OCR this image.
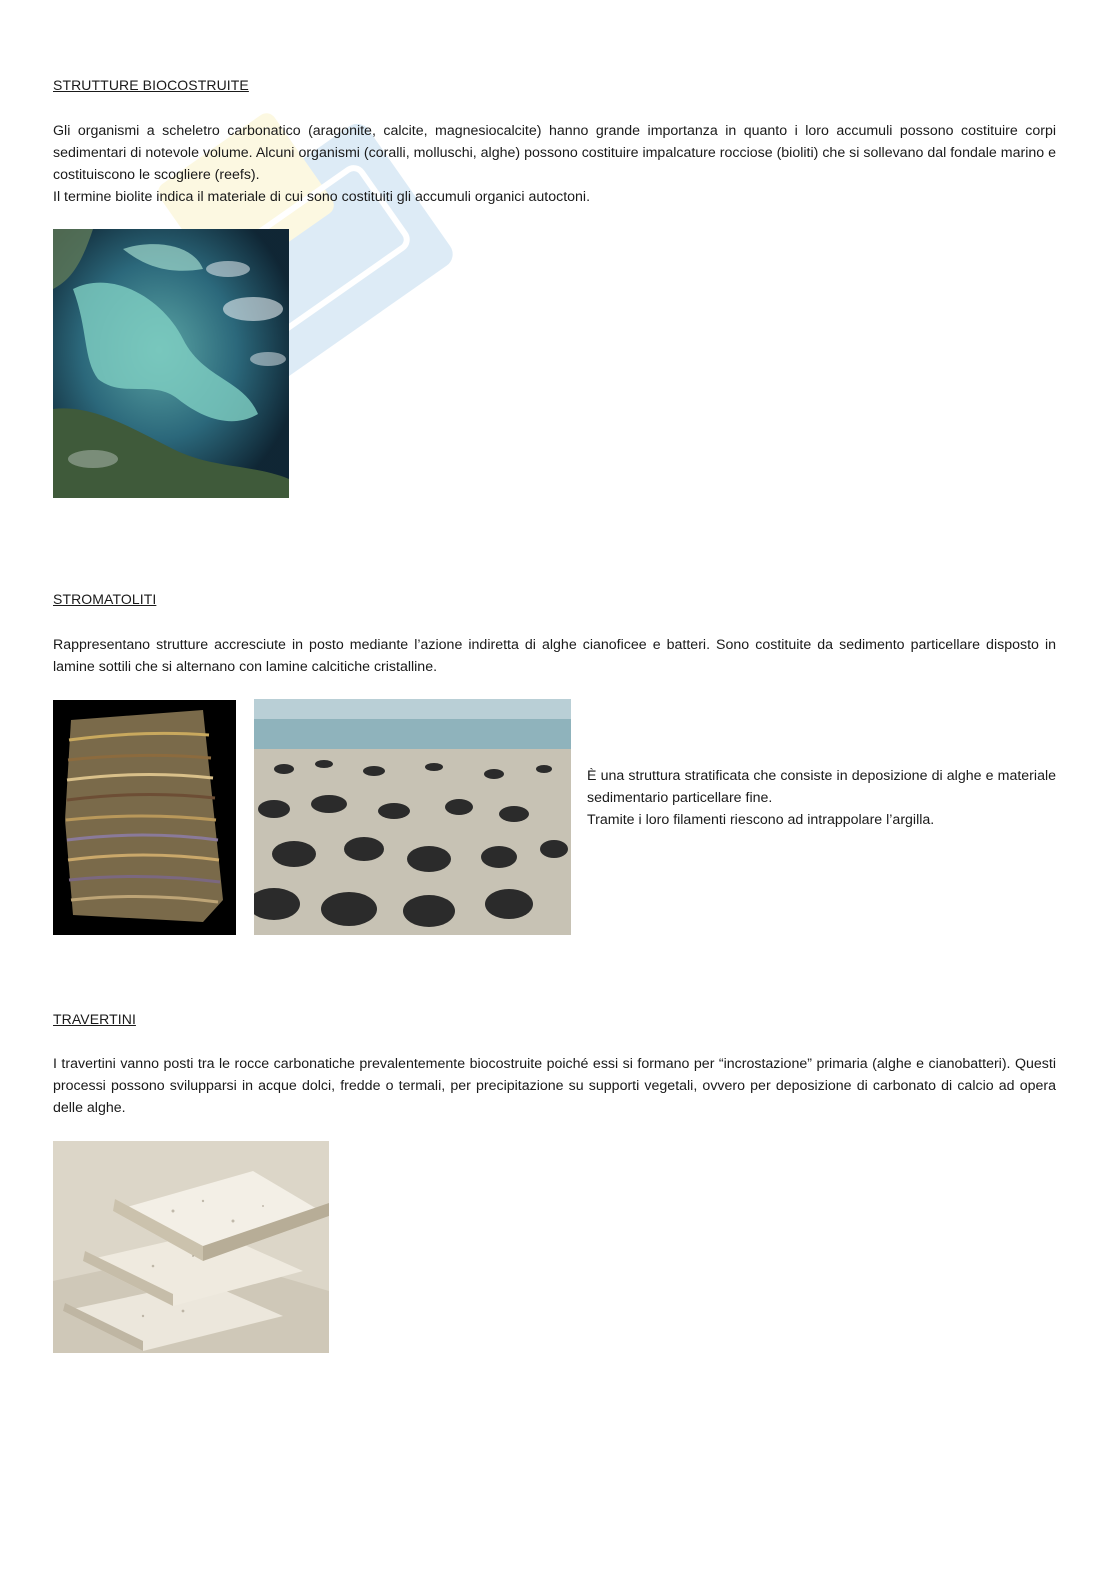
STRUTTURE BIOCOSTRUITE

Gli organismi a scheletro carbonatico (aragonite, calcite, magnesiocalcite) hanno grande importanza in quanto i loro accumuli possono costituire corpi sedimentari di notevole volume. Alcuni organismi (coralli, molluschi, alghe) possono costituire impalcature rocciose (bioliti) che si sollevano dal fondale marino e costituiscono le scogliere (reefs).

Il termine biolite indica il materiale di cui sono costituiti gli accumuli organici autoctoni.

STROMATOLITI
Rappresentano strutture accresciute in posto mediante l’azione indiretta di alghe cianoficee e batteri. Sono costituite da sedimento particellare disposto in lamine sottili che si alternano con lamine calcitiche cristalline.

È una struttura stratificata che consiste in deposizione di alghe e materiale sedimentario particellare fine.

Tramite i loro filamenti riescono ad intrappolare l’argilla.

TRAVERTINI
I travertini vanno posti tra le rocce carbonatiche prevalentemente biocostruite poiché essi si formano per “incrostazione” primaria (alghe e cianobatteri). Questi processi possono svilupparsi in acque dolci, fredde o termali, per precipitazione su supporti vegetali, ovvero per deposizione di carbonato di calcio ad opera delle alghe.
